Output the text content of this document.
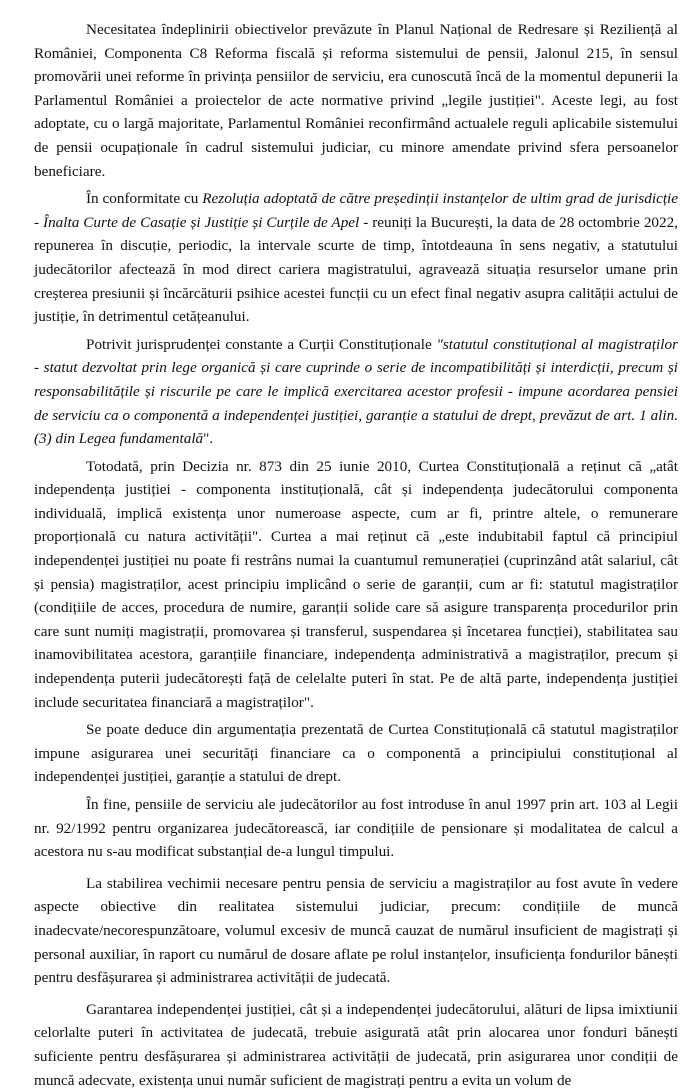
Necesitatea îndeplinirii obiectivelor prevăzute în Planul Național de Redresare și Reziliență al României, Componenta C8 Reforma fiscală și reforma sistemului de pensii, Jalonul 215, în sensul promovării unei reforme în privința pensiilor de serviciu, era cunoscută încă de la momentul depunerii la Parlamentul României a proiectelor de acte normative privind „legile justiției". Aceste legi, au fost adoptate, cu o largă majoritate, Parlamentul României reconfirmând actualele reguli aplicabile sistemului de pensii ocupaționale în cadrul sistemului judiciar, cu minore amendate privind sfera persoanelor beneficiare.

În conformitate cu Rezoluția adoptată de către președinții instanțelor de ultim grad de jurisdicție - Înalta Curte de Casație și Justiție și Curțile de Apel - reuniți la București, la data de 28 octombrie 2022, repunerea în discuție, periodic, la intervale scurte de timp, întotdeauna în sens negativ, a statutului judecătorilor afectează în mod direct cariera magistratului, agravează situația resurselor umane prin creșterea presiunii și încărcăturii psihice acestei funcții cu un efect final negativ asupra calității actului de justiție, în detrimentul cetățeanului.

Potrivit jurisprudenței constante a Curții Constituționale "statutul constituțional al magistraților - statut dezvoltat prin lege organică și care cuprinde o serie de incompatibilități și interdicții, precum și responsabilitățile și riscurile pe care le implică exercitarea acestor profesii - impune acordarea pensiei de serviciu ca o componentă a independenței justiției, garanție a statului de drept, prevăzut de art. 1 alin. (3) din Legea fundamentală".

Totodată, prin Decizia nr. 873 din 25 iunie 2010, Curtea Constituțională a reținut că „atât independența justiției - componenta instituțională, cât și independența judecătorului componenta individuală, implică existența unor numeroase aspecte, cum ar fi, printre altele, o remunerare proporțională cu natura activității". Curtea a mai reținut că „este indubitabil faptul că principiul independenței justiției nu poate fi restrâns numai la cuantumul remunerației (cuprinzând atât salariul, cât și pensia) magistraților, acest principiu implicând o serie de garanții, cum ar fi: statutul magistraților (condițiile de acces, procedura de numire, garanții solide care să asigure transparența procedurilor prin care sunt numiți magistrații, promovarea și transferul, suspendarea și încetarea funcției), stabilitatea sau inamovibilitatea acestora, garanțiile financiare, independența administrativă a magistraților, precum și independența puterii judecătorești față de celelalte puteri în stat. Pe de altă parte, independența justiției include securitatea financiară a magistraților".

Se poate deduce din argumentația prezentată de Curtea Constituțională că statutul magistraților impune asigurarea unei securități financiare ca o componentă a principiului constituțional al independenței justiției, garanție a statului de drept.

În fine, pensiile de serviciu ale judecătorilor au fost introduse în anul 1997 prin art. 103 al Legii nr. 92/1992 pentru organizarea judecătorească, iar condițiile de pensionare și modalitatea de calcul a acestora nu s-au modificat substanțial de-a lungul timpului.

La stabilirea vechimii necesare pentru pensia de serviciu a magistraților au fost avute în vedere aspecte obiective din realitatea sistemului judiciar, precum: condițiile de muncă inadecvate/necorespunzătoare, volumul excesiv de muncă cauzat de numărul insuficient de magistrați și personal auxiliar, în raport cu numărul de dosare aflate pe rolul instanțelor, insuficiența fondurilor bănești pentru desfășurarea și administrarea activității de judecată.

Garantarea independenței justiției, cât și a independenței judecătorului, alături de lipsa imixtiunii celorlalte puteri în activitatea de judecată, trebuie asigurată atât prin alocarea unor fonduri bănești suficiente pentru desfășurarea și administrarea activității de judecată, prin asigurarea unor condiții de muncă adecvate, existența unui număr suficient de magistrați pentru a evita un volum de
